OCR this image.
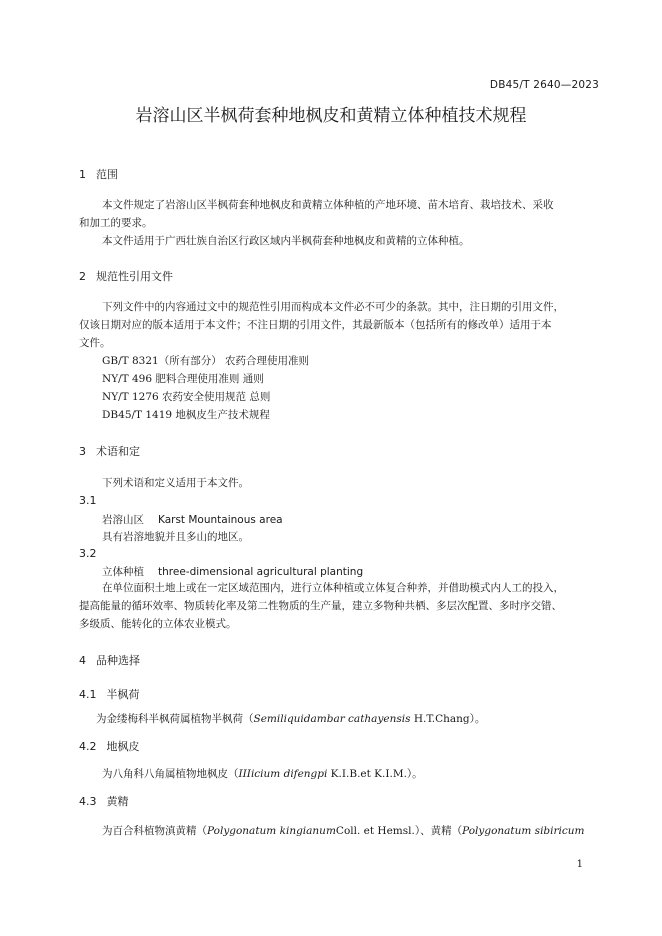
DB45/T 2640—2023
岩溶山区半枫荷套种地枫皮和黄精立体种植技术规程
1 范围
本文件规定了岩溶山区半枫荷套种地枫皮和黄精立体种植的产地环境、苗木培育、栽培技术、采收
和加工的要求。
本文件适用于广西壮族自治区行政区域内半枫荷套种地枫皮和黄精的立体种植。
2 规范性引用文件
下列文件中的内容通过文中的规范性引用而构成本文件必不可少的条款。其中，注日期的引用文件，
仅该日期对应的版本适用于本文件；不注日期的引用文件，其最新版本（包括所有的修改单）适用于本
文件。
GB/T 8321（所有部分） 农药合理使用准则
NY/T 496 肥料合理使用准则 通则
NY/T 1276 农药安全使用规范 总则
DB45/T 1419 地枫皮生产技术规程
3 术语和定
下列术语和定义适用于本文件。
3.1
岩溶山区 Karst Mountainous area
具有岩溶地貌并且多山的地区。
3.2
立体种植 three-dimensional agricultural planting
在单位面积土地上或在一定区域范围内，进行立体种植或立体复合种养，并借助模式内人工的投入，
提高能量的循环效率、物质转化率及第二性物质的生产量，建立多物种共栖、多层次配置、多时序交错、
多级质、能转化的立体农业模式。
4 品种选择
4.1 半枫荷
为金缕梅科半枫荷属植物半枫荷（Semiliquidambar cathayensis H.T.Chang）。
4.2 地枫皮
为八角科八角属植物地枫皮（IIIicium difengpi K.I.B.et K.I.M.）。
4.3 黄精
为百合科植物滇黄精（Polygonatum kingianumColl. et Hemsl.）、黄精（Polygonatum sibiricum
1
